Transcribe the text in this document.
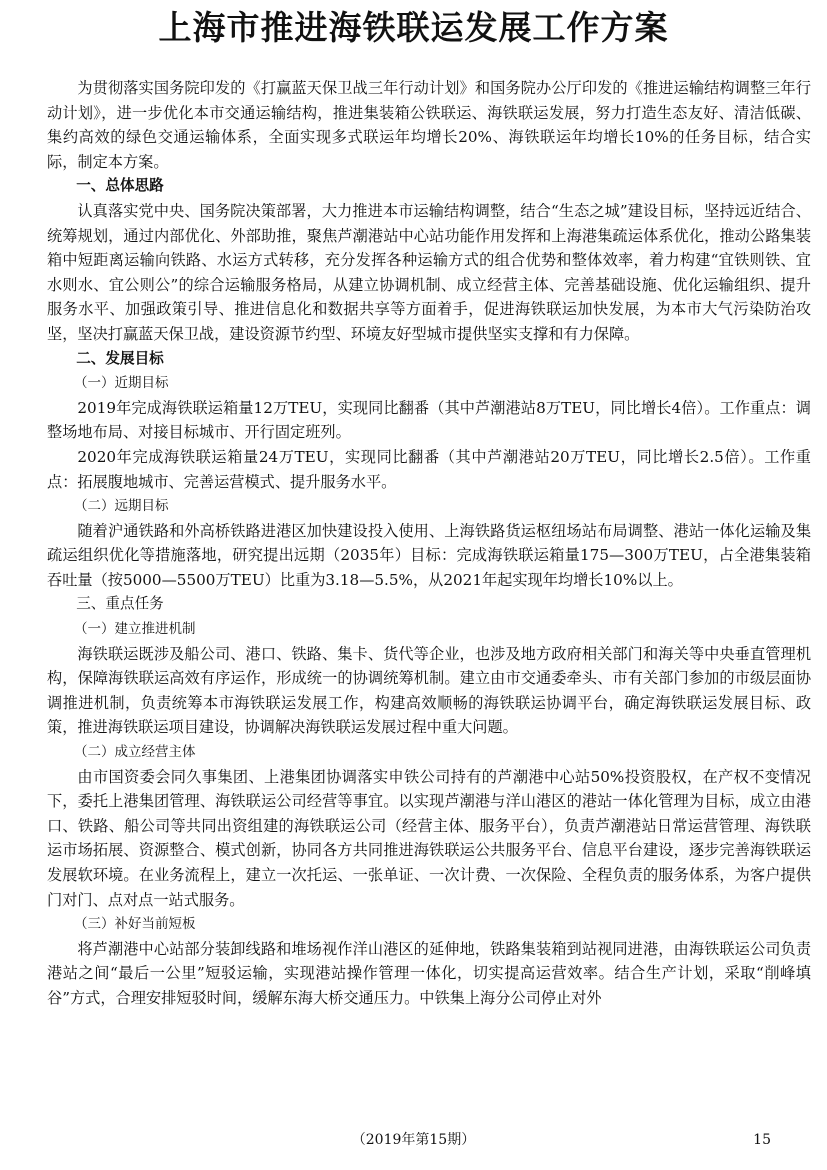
上海市推进海铁联运发展工作方案

为贯彻落实国务院印发的《打赢蓝天保卫战三年行动计划》和国务院办公厅印发的《推进运输结构调整三年行动计划》，进一步优化本市交通运输结构，推进集装箱公铁联运、海铁联运发展，努力打造生态友好、清洁低碳、集约高效的绿色交通运输体系，全面实现多式联运年均增长20%、海铁联运年均增长10%的任务目标，结合实际，制定本方案。

一、总体思路

认真落实党中央、国务院决策部署，大力推进本市运输结构调整，结合“生态之城”建设目标，坚持远近结合、统筹规划，通过内部优化、外部助推，聚焦芦潮港站中心站功能作用发挥和上海港集疏运体系优化，推动公路集装箱中短距离运输向铁路、水运方式转移，充分发挥各种运输方式的组合优势和整体效率，着力构建“宜铁则铁、宜水则水、宜公则公”的综合运输服务格局，从建立协调机制、成立经营主体、完善基础设施、优化运输组织、提升服务水平、加强政策引导、推进信息化和数据共享等方面着手，促进海铁联运加快发展，为本市大气污染防治攻坚，坚决打赢蓝天保卫战，建设资源节约型、环境友好型城市提供坚实支撑和有力保障。

二、发展目标
（一）近期目标

2019年完成海铁联运箱量12万TEU，实现同比翻番（其中芦潮港站8万TEU，同比增长4倍）。工作重点：调整场地布局、对接目标城市、开行固定班列。

2020年完成海铁联运箱量24万TEU，实现同比翻番（其中芦潮港站20万TEU，同比增长2.5倍）。工作重点：拓展腹地城市、完善运营模式、提升服务水平。

（二）远期目标

随着沪通铁路和外高桥铁路进港区加快建设投入使用、上海铁路货运枢纽场站布局调整、港站一体化运输及集疏运组织优化等措施落地，研究提出远期（2035年）目标：完成海铁联运箱量175—300万TEU，占全港集装箱吞吐量（按5000—5500万TEU）比重为3.18—5.5%，从2021年起实现年均增长10%以上。

三、重点任务
（一）建立推进机制

海铁联运既涉及船公司、港口、铁路、集卡、货代等企业，也涉及地方政府相关部门和海关等中央垂直管理机构，保障海铁联运高效有序运作，形成统一的协调统筹机制。建立由市交通委牵头、市有关部门参加的市级层面协调推进机制，负责统筹本市海铁联运发展工作，构建高效顺畅的海铁联运协调平台，确定海铁联运发展目标、政策，推进海铁联运项目建设，协调解决海铁联运发展过程中重大问题。

（二）成立经营主体

由市国资委会同久事集团、上港集团协调落实申铁公司持有的芦潮港中心站50%投资股权，在产权不变情况下，委托上港集团管理、海铁联运公司经营等事宜。以实现芦潮港与洋山港区的港站一体化管理为目标，成立由港口、铁路、船公司等共同出资组建的海铁联运公司（经营主体、服务平台），负责芦潮港站日常运营管理、海铁联运市场拓展、资源整合、模式创新，协同各方共同推进海铁联运公共服务平台、信息平台建设，逐步完善海铁联运发展软环境。在业务流程上，建立一次托运、一张单证、一次计费、一次保险、全程负责的服务体系，为客户提供门对门、点对点一站式服务。

（三）补好当前短板

将芦潮港中心站部分装卸线路和堆场视作洋山港区的延伸地，铁路集装箱到站视同进港，由海铁联运公司负责港站之间“最后一公里”短驳运输，实现港站操作管理一体化，切实提高运营效率。结合生产计划，采取“削峰填谷”方式，合理安排短驳时间，缓解东海大桥交通压力。中铁集上海分公司停止对外

（2019年第15期）	15
